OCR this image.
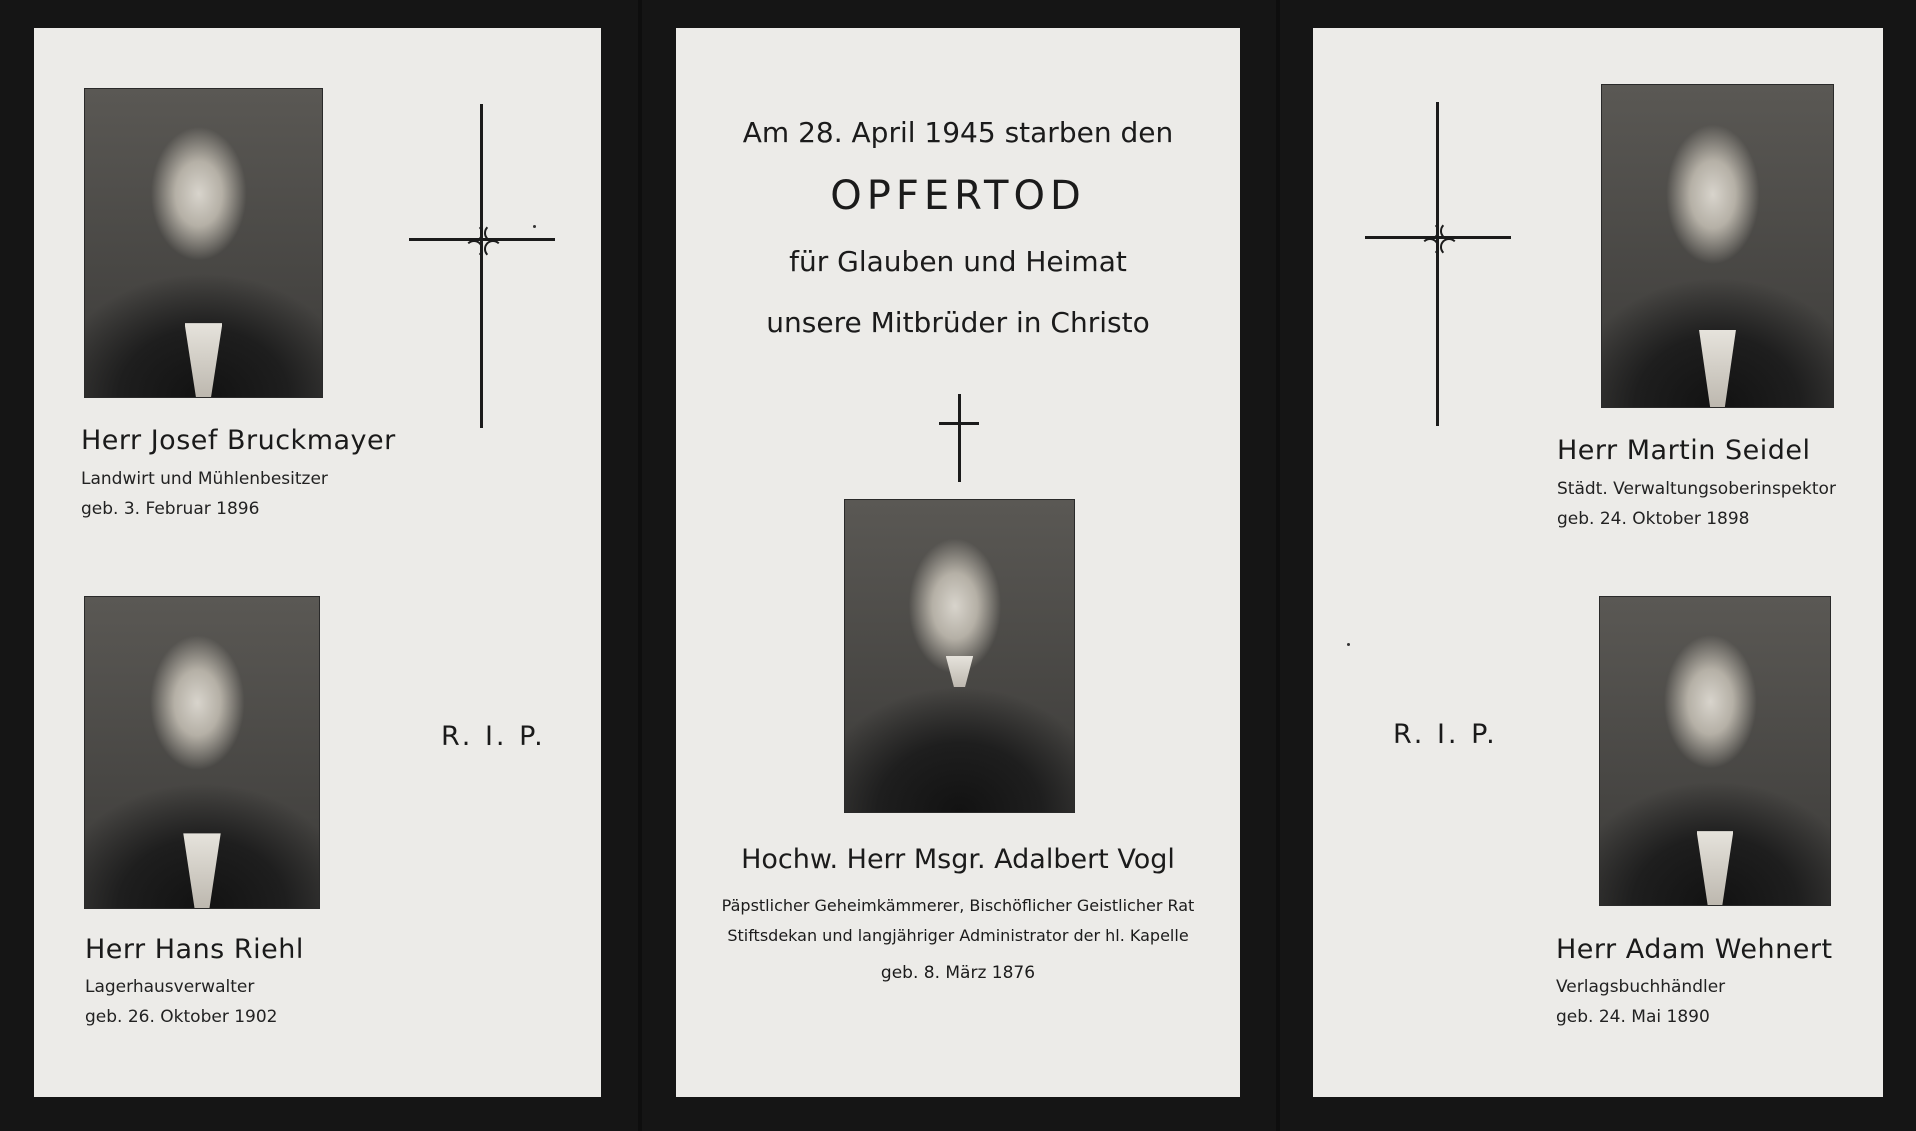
Herr Josef Bruckmayer
Landwirt und Mühlenbesitzer
geb. 3. Februar 1896
R. I. P.
Herr Hans Riehl
Lagerhausverwalter
geb. 26. Oktober 1902
Am 28. April 1945 starben den
OPFERTOD
für Glauben und Heimat
unsere Mitbrüder in Christo
Hochw. Herr Msgr. Adalbert Vogl
Päpstlicher Geheimkämmerer, Bischöflicher Geistlicher Rat
Stiftsdekan und langjähriger Administrator der hl. Kapelle
geb. 8. März 1876
Herr Martin Seidel
Städt. Verwaltungsoberinspektor
geb. 24. Oktober 1898
R. I. P.
Herr Adam Wehnert
Verlagsbuchhändler
geb. 24. Mai 1890
